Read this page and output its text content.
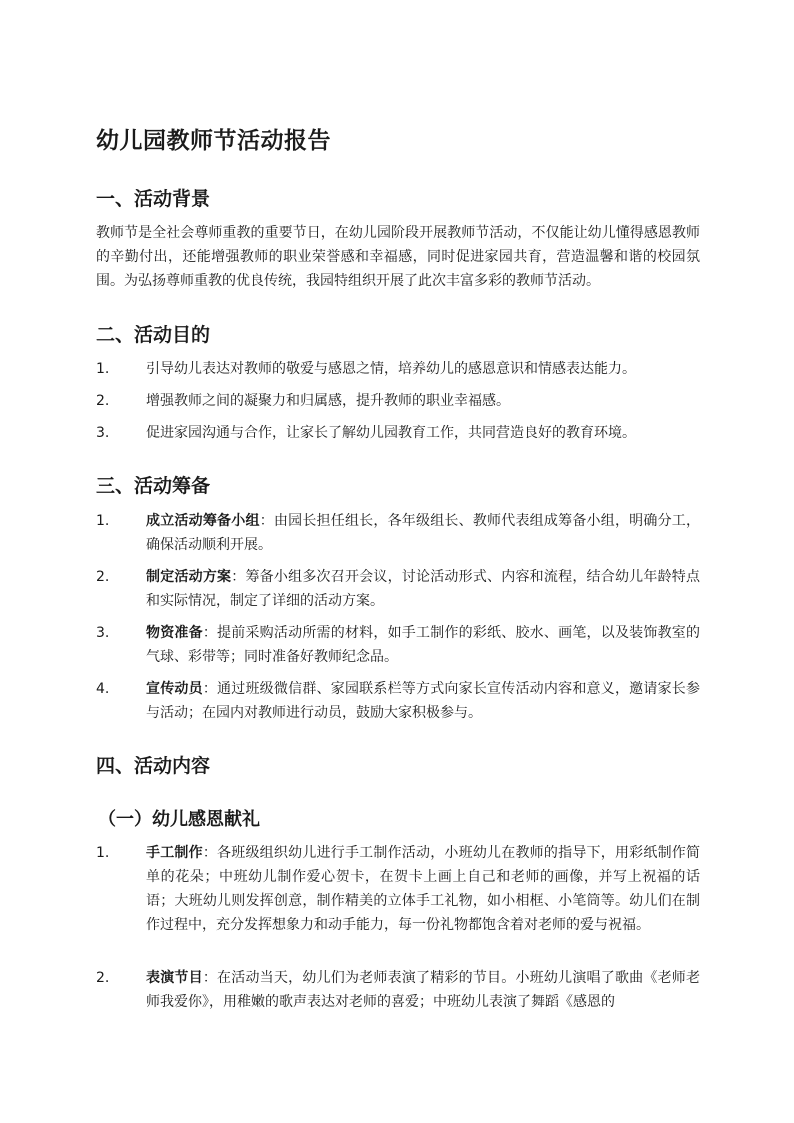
幼儿园教师节活动报告
一、活动背景

教师节是全社会尊师重教的重要节日，在幼儿园阶段开展教师节活动，不仅能让幼儿懂得感恩教师的辛勤付出，还能增强教师的职业荣誉感和幸福感，同时促进家园共育，营造温馨和谐的校园氛围。为弘扬尊师重教的优良传统，我园特组织开展了此次丰富多彩的教师节活动。

二、活动目的
1.	引导幼儿表达对教师的敬爱与感恩之情，培养幼儿的感恩意识和情感表达能力。
2.	增强教师之间的凝聚力和归属感，提升教师的职业幸福感。
3.	促进家园沟通与合作，让家长了解幼儿园教育工作，共同营造良好的教育环境。
三、活动筹备
1.	成立活动筹备小组：由园长担任组长，各年级组长、教师代表组成筹备小组，明确分工，确保活动顺利开展。
2.	制定活动方案：筹备小组多次召开会议，讨论活动形式、内容和流程，结合幼儿年龄特点和实际情况，制定了详细的活动方案。
3.	物资准备：提前采购活动所需的材料，如手工制作的彩纸、胶水、画笔，以及装饰教室的气球、彩带等；同时准备好教师纪念品。
4.	宣传动员：通过班级微信群、家园联系栏等方式向家长宣传活动内容和意义，邀请家长参与活动；在园内对教师进行动员，鼓励大家积极参与。
四、活动内容
（一）幼儿感恩献礼
1.	手工制作：各班级组织幼儿进行手工制作活动，小班幼儿在教师的指导下，用彩纸制作简单的花朵；中班幼儿制作爱心贺卡，在贺卡上画上自己和老师的画像，并写上祝福的话语；大班幼儿则发挥创意，制作精美的立体手工礼物，如小相框、小笔筒等。幼儿们在制作过程中，充分发挥想象力和动手能力，每一份礼物都饱含着对老师的爱与祝福。
2.	表演节目：在活动当天，幼儿们为老师表演了精彩的节目。小班幼儿演唱了歌曲《老师老师我爱你》，用稚嫩的歌声表达对老师的喜爱；中班幼儿表演了舞蹈《感恩的
